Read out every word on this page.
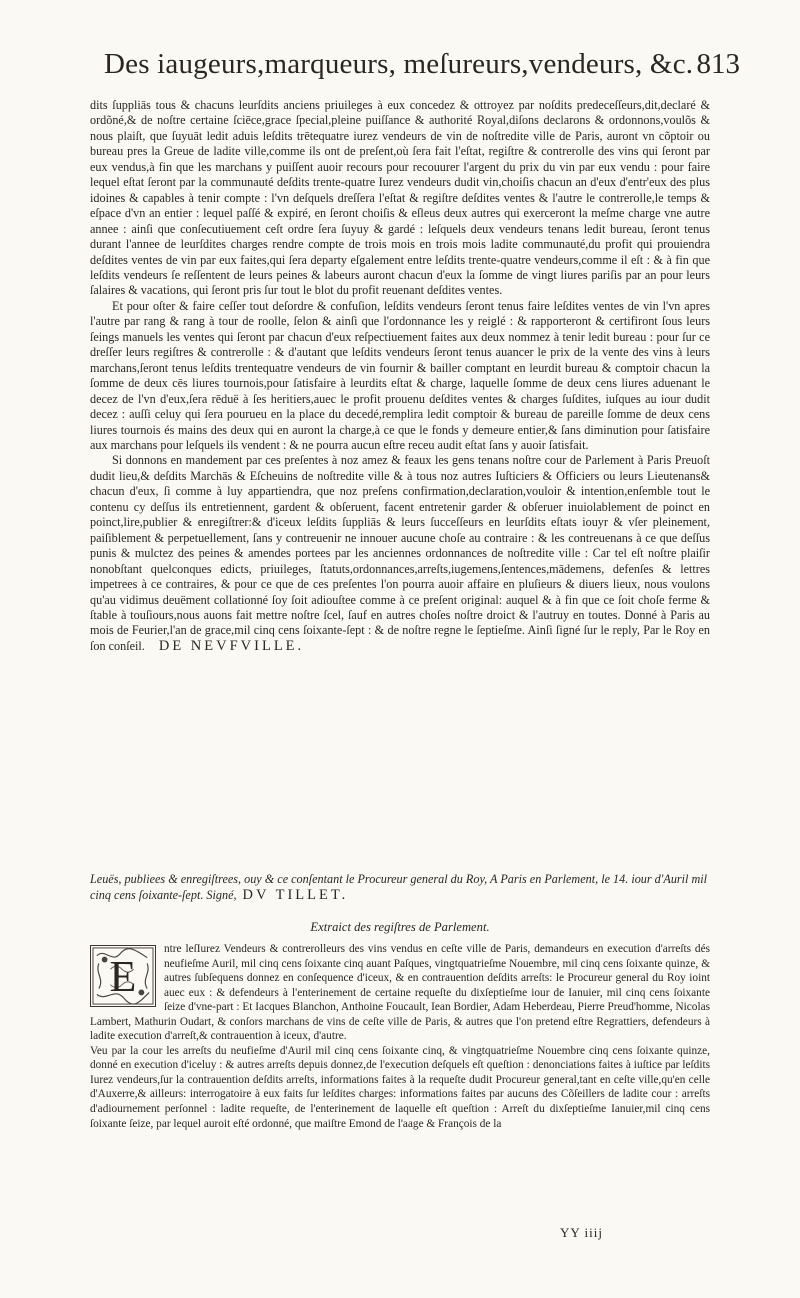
Des iaugeurs,marqueurs, meſureurs,vendeurs, &c. 813

dits ſuppliās tous & chacuns leurſdits anciens priuileges à eux concedez & ottroyez par noſdits predeceſſeurs,dit,declaré & ordõné,& de noſtre certaine ſciēce,grace ſpecial,pleine puiſſance & authorité Royal,diſons declarons & ordonnons,voulõs & nous plaiſt, que ſuyuāt ledit aduis leſdits trētequatre iurez vendeurs de vin de noſtredite ville de Paris, auront vn cõptoir ou bureau pres la Greue de ladite ville,comme ils ont de preſent,où ſera fait l'eſtat, regiſtre & contrerolle des vins qui ſeront par eux vendus,à fin que les marchans y puiſſent auoir recours pour recouurer l'argent du prix du vin par eux vendu : pour faire lequel eſtat ſeront par la communauté deſdits trente-quatre Iurez vendeurs dudit vin,choiſis chacun an d'eux d'entr'eux des plus idoines & capables à tenir compte : l'vn deſquels dreſſera l'eſtat & regiſtre deſdites ventes & l'autre le contrerolle,le temps & eſpace d'vn an entier : lequel paſſé & expiré, en ſeront choiſis & eſleus deux autres qui exerceront la meſme charge vne autre annee : ainſi que conſecutiuement ceſt ordre ſera ſuyuy & gardé : leſquels deux vendeurs tenans ledit bureau, ſeront tenus durant l'annee de leurſdites charges rendre compte de trois mois en trois mois ladite communauté,du profit qui prouiendra deſdites ventes de vin par eux faites,qui ſera departy eſgalement entre leſdits trente-quatre vendeurs,comme il eſt : & à fin que leſdits vendeurs ſe reſſentent de leurs peines & labeurs auront chacun d'eux la ſomme de vingt liures pariſis par an pour leurs ſalaires & vacations, qui ſeront pris ſur tout le blot du profit reuenant deſdites ventes.

Et pour oſter & faire ceſſer tout deſordre & confuſion, leſdits vendeurs ſeront tenus faire leſdites ventes de vin l'vn apres l'autre par rang & rang à tour de roolle, ſelon & ainſi que l'ordonnance les y reiglé : & rapporteront & certifiront ſous leurs ſeings manuels les ventes qui ſeront par chacun d'eux reſpectiuement faites aux deux nommez à tenir ledit bureau : pour ſur ce dreſſer leurs regiſtres & contrerolle : & d'autant que leſdits vendeurs ſeront tenus auancer le prix de la vente des vins à leurs marchans,ſeront tenus leſdits trentequatre vendeurs de vin fournir & bailler comptant en leurdit bureau & comptoir chacun la ſomme de deux cēs liures tournois,pour ſatisfaire à leurdits eſtat & charge, laquelle ſomme de deux cens liures aduenant le decez de l'vn d'eux,ſera rēduë à ſes heritiers,auec le profit prouenu deſdites ventes & charges ſuſdites, iuſques au iour dudit decez : auſſi celuy qui ſera pourueu en la place du decedé,remplira ledit comptoir & bureau de pareille ſomme de deux cens liures tournois és mains des deux qui en auront la charge,à ce que le fonds y demeure entier,& ſans diminution pour ſatisfaire aux marchans pour leſquels ils vendent : & ne pourra aucun eſtre receu audit eſtat ſans y auoir ſatisfait.

Si donnons en mandement par ces preſentes à noz amez & feaux les gens tenans noſtre cour de Parlement à Paris Preuoſt dudit lieu,& deſdits Marchās & Eſcheuins de noſtredite ville & à tous noz autres Iuſticiers & Officiers ou leurs Lieutenans& chacun d'eux, ſi comme à luy appartiendra, que noz preſens confirmation,declaration,vouloir & intention,enſemble tout le contenu cy deſſus ils entretiennent, gardent & obſeruent, facent entretenir garder & obſeruer inuiolablement de poinct en poinct,lire,publier & enregiſtrer:& d'iceux leſdits ſuppliās & leurs ſucceſſeurs en leurſdits eſtats iouyr & vſer pleinement, paiſiblement & perpetuellement, ſans y contreuenir ne innouer aucune choſe au contraire : & les contreuenans à ce que deſſus punis & mulctez des peines & amendes portees par les anciennes ordonnances de noſtredite ville : Car tel eſt noſtre plaiſir nonobſtant quelconques edicts, priuileges, ſtatuts,ordonnances,arreſts,iugemens,ſentences,mādemens, defenſes & lettres impetrees à ce contraires, & pour ce que de ces preſentes l'on pourra auoir affaire en pluſieurs & diuers lieux, nous voulons qu'au vidimus deuëment collationné ſoy ſoit adiouſtee comme à ce preſent original: auquel & à fin que ce ſoit choſe ferme & ſtable à touſiours,nous auons fait mettre noſtre ſcel, ſauf en autres choſes noſtre droict & l'autruy en toutes. Donné à Paris au mois de Feurier,l'an de grace,mil cinq cens ſoixante-ſept : & de noſtre regne le ſeptieſme. Ainſi ſigné ſur le reply, Par le Roy en ſon conſeil. DE NEVFVILLE.

Leuës, publiees & enregiſtrees, ouy & ce conſentant le Procureur general du Roy, A Paris en Parlement, le 14. iour d'Auril mil cinq cens ſoixante-ſept. Signé, DV TILLET.
Extraict des regiſtres de Parlement.
E

ntre leſIurez Vendeurs & contrerolleurs des vins vendus en ceſte ville de Paris, demandeurs en execution d'arreſts dés neufieſme Auril, mil cinq cens ſoixante cinq auant Paſques, vingtquatrieſme Nouembre, mil cinq cens ſoixante quinze, & autres ſubſequens donnez en conſequence d'iceux, & en contrauention deſdits arreſts: le Procureur general du Roy ioint auec eux : & defendeurs à l'enterinement de certaine requeſte du dixſeptieſme iour de Ianuier, mil cinq cens ſoixante ſeize d'vne-part : Et Iacques Blanchon, Anthoine Foucault, Iean Bordier, Adam Heberdeau, Pierre Preud'homme, Nicolas Lambert, Mathurin Oudart, & conſors marchans de vins de ceſte ville de Paris, & autres que l'on pretend eſtre Regrattiers, defendeurs à ladite execution d'arreſt,& contrauention à iceux, d'autre.

Veu par la cour les arreſts du neufieſme d'Auril mil cinq cens ſoixante cinq, & vingtquatrieſme Nouembre cinq cens ſoixante quinze, donné en execution d'iceluy : & autres arreſts depuis donnez,de l'execution deſquels eſt queſtion : denonciations faites à iuſtice par leſdits Iurez vendeurs,ſur la contrauention deſdits arreſts, informations faites à la requeſte dudit Procureur general,tant en ceſte ville,qu'en celle d'Auxerre,& ailleurs: interrogatoire à eux faits ſur leſdites charges: informations faites par aucuns des Cõſeillers de ladite cour : arreſts d'adiournement perſonnel : ladite requeſte, de l'enterinement de laquelle eſt queſtion : Arreſt du dixſeptieſme Ianuier,mil cinq cens ſoixante ſeize, par lequel auroit eſté ordonné, que maiſtre Emond de l'aage & François de la

YY iiij
